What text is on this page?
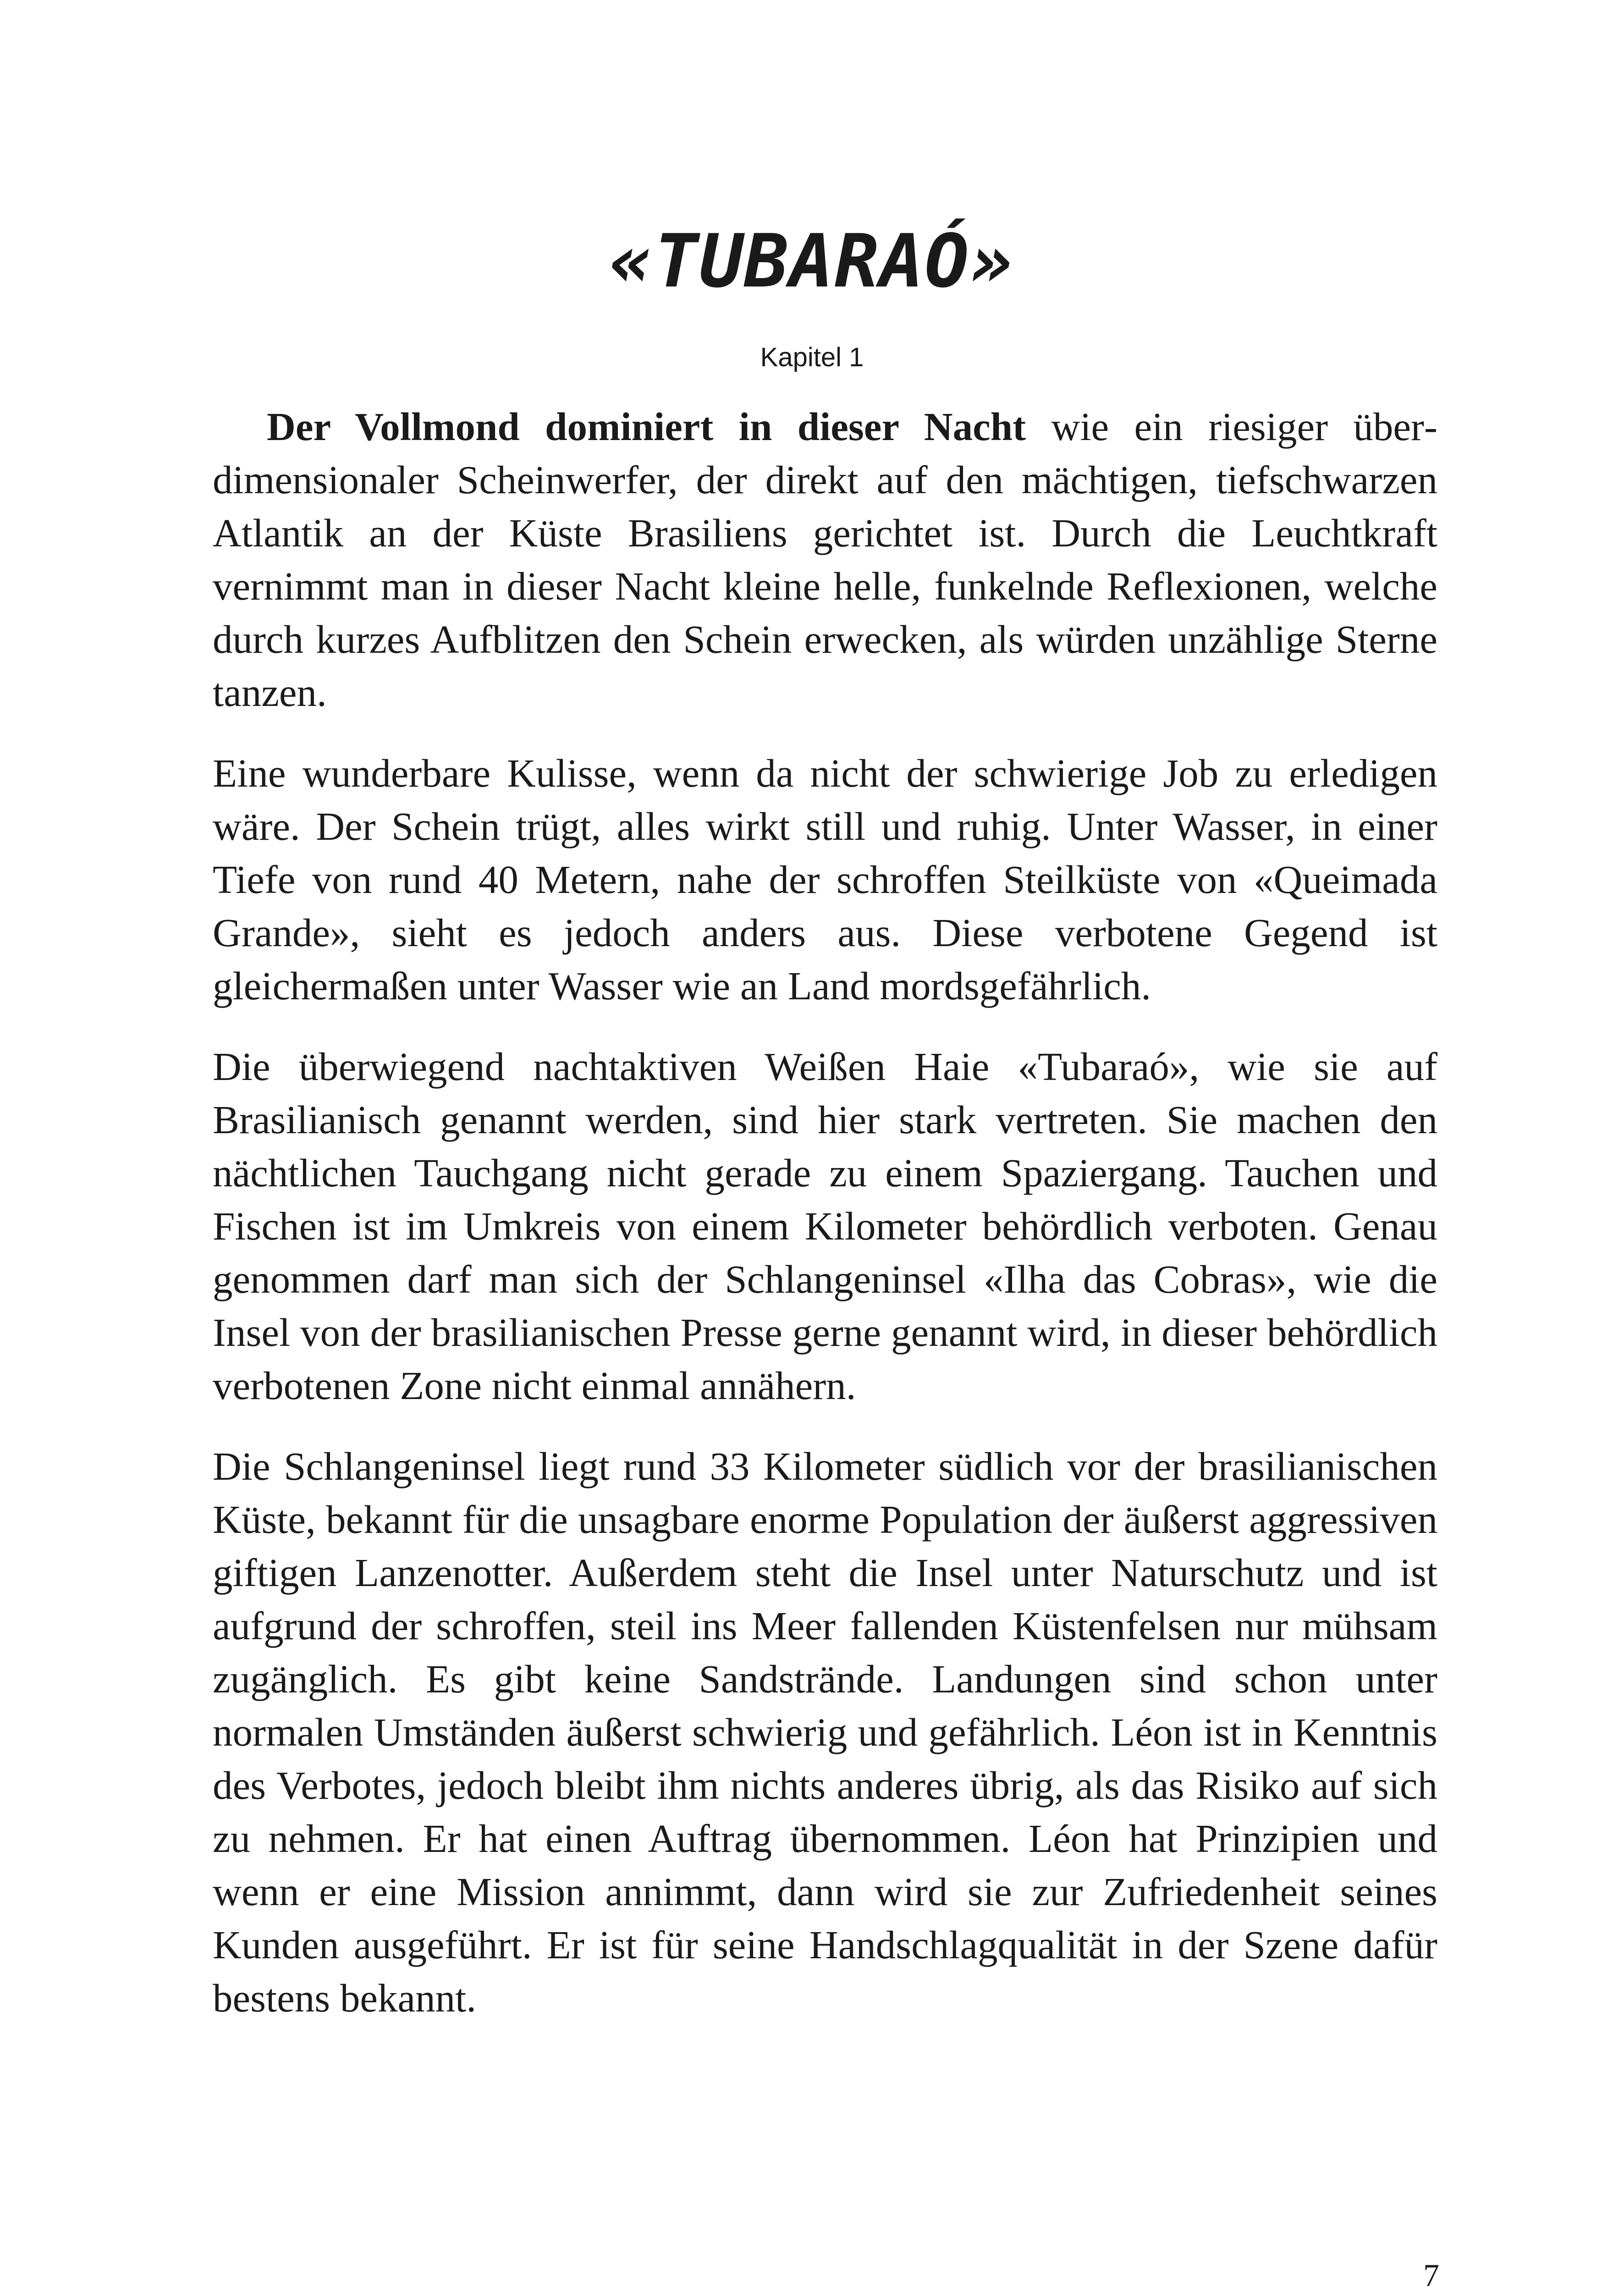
«TUBARAÓ»
Kapitel 1

Der Vollmond dominiert in dieser Nacht wie ein riesiger überdimensionaler Scheinwerfer, der direkt auf den mächtigen, tiefschwarzen Atlantik an der Küste Brasiliens gerichtet ist. Durch die Leuchtkraft vernimmt man in dieser Nacht kleine helle, funkelnde Reflexionen, welche durch kurzes Aufblitzen den Schein erwecken, als würden unzählige Sterne tanzen.

Eine wunderbare Kulisse, wenn da nicht der schwierige Job zu erledigen wäre. Der Schein trügt, alles wirkt still und ruhig. Unter Wasser, in einer Tiefe von rund 40 Metern, nahe der schroffen Steilküste von «Queimada Grande», sieht es jedoch anders aus. Diese verbotene Gegend ist gleichermaßen unter Wasser wie an Land mordsgefährlich.

Die überwiegend nachtaktiven Weißen Haie «Tubaraó», wie sie auf Brasilianisch genannt werden, sind hier stark vertreten. Sie machen den nächtlichen Tauchgang nicht gerade zu einem Spaziergang. Tauchen und Fischen ist im Umkreis von einem Kilometer behördlich verboten. Genau genommen darf man sich der Schlangeninsel «Ilha das Cobras», wie die Insel von der brasilianischen Presse gerne genannt wird, in dieser behördlich verbotenen Zone nicht einmal annähern.

Die Schlangeninsel liegt rund 33 Kilometer südlich vor der brasilianischen Küste, bekannt für die unsagbare enorme Population der äußerst aggressiven giftigen Lanzenotter. Außerdem steht die Insel unter Naturschutz und ist aufgrund der schroffen, steil ins Meer fallenden Küstenfelsen nur mühsam zugänglich. Es gibt keine Sandstrände. Landungen sind schon unter normalen Umständen äußerst schwierig und gefährlich. Léon ist in Kenntnis des Verbotes, jedoch bleibt ihm nichts anderes übrig, als das Risiko auf sich zu nehmen. Er hat einen Auftrag übernommen. Léon hat Prinzipien und wenn er eine Mission annimmt, dann wird sie zur Zufriedenheit seines Kunden ausgeführt. Er ist für seine Handschlagqualität in der Szene dafür bestens bekannt.

7
